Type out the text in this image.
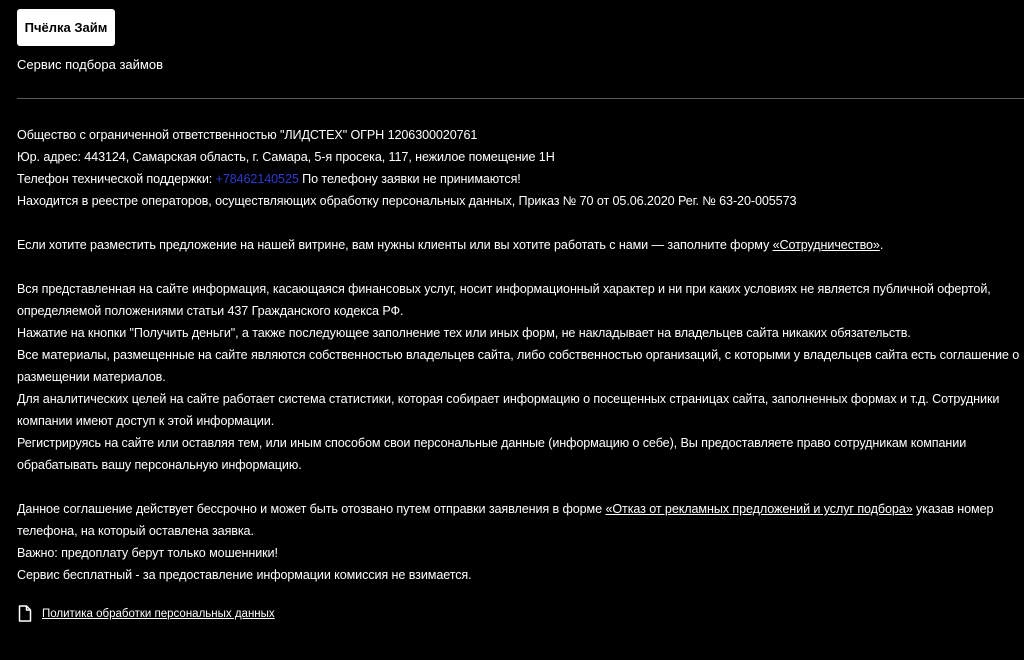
Пчёлка Займ
Сервис подбора займов

Общество с ограниченной ответственностью "ЛИДСТЕХ" ОГРН 1206300020761

Юр. адрес: 443124, Самарская область, г. Самара, 5-я просека, 117, нежилое помещение 1Н

Телефон технической поддержки: +78462140525 По телефону заявки не принимаются!

Находится в реестре операторов, осуществляющих обработку персональных данных, Приказ № 70 от 05.06.2020 Рег. № 63-20-005573

Если хотите разместить предложение на нашей витрине, вам нужны клиенты или вы хотите работать с нами — заполните форму «Сотрудничество».

Вся представленная на сайте информация, касающаяся финансовых услуг, носит информационный характер и ни при каких условиях не является публичной офертой, определяемой положениями статьи 437 Гражданского кодекса РФ.

Нажатие на кнопки "Получить деньги", а также последующее заполнение тех или иных форм, не накладывает на владельцев сайта никаких обязательств.

Все материалы, размещенные на сайте являются собственностью владельцев сайта, либо собственностью организаций, с которыми у владельцев сайта есть соглашение о размещении материалов.

Для аналитических целей на сайте работает система статистики, которая собирает информацию о посещенных страницах сайта, заполненных формах и т.д. Сотрудники компании имеют доступ к этой информации.

Регистрируясь на сайте или оставляя тем, или иным способом свои персональные данные (информацию о себе), Вы предоставляете право сотрудникам компании обрабатывать вашу персональную информацию.

Данное соглашение действует бессрочно и может быть отозвано путем отправки заявления в форме «Отказ от рекламных предложений и услуг подбора» указав номер телефона, на который оставлена заявка.

Важно: предоплату берут только мошенники!

Сервис бесплатный - за предоставление информации комиссия не взимается.

Политика обработки персональных данных
